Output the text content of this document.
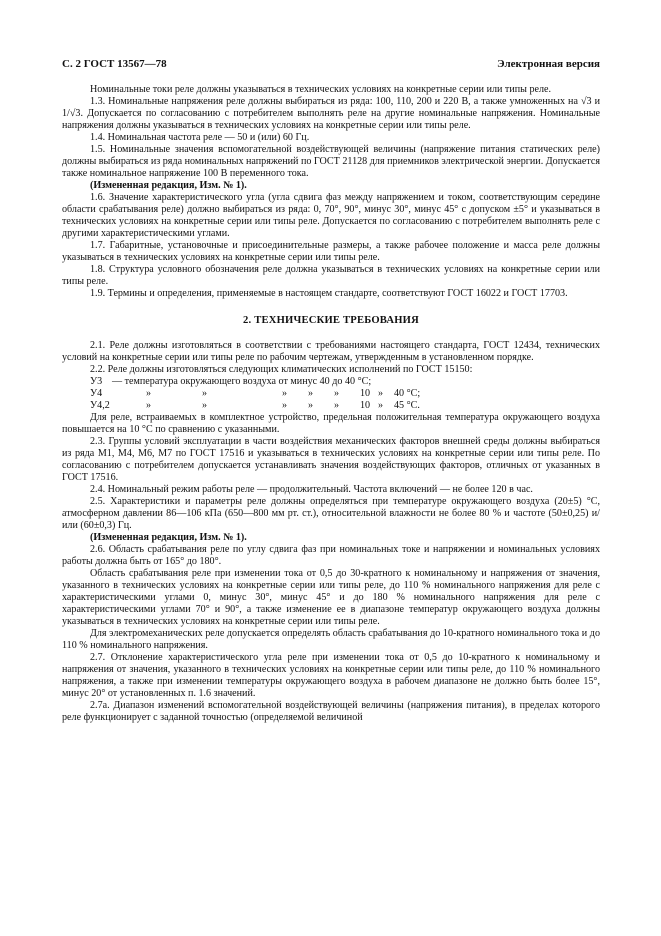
С. 2 ГОСТ 13567—78	Электронная версия

Номинальные токи реле должны указываться в технических условиях на конкретные серии или типы реле.

1.3. Номинальные напряжения реле должны выбираться из ряда: 100, 110, 200 и 220 В, а также умноженных на √3 и 1/√3. Допускается по согласованию с потребителем выполнять реле на другие номинальные напряжения. Номинальные напряжения должны указываться в технических условиях на конкретные серии или типы реле.

1.4. Номинальная частота реле — 50 и (или) 60 Гц.

1.5. Номинальные значения вспомогательной воздействующей величины (напряжение питания статических реле) должны выбираться из ряда номинальных напряжений по ГОСТ 21128 для приемников электрической энергии. Допускается также номинальное напряжение 100 В переменного тока.

(Измененная редакция, Изм. № 1).

1.6. Значение характеристического угла (угла сдвига фаз между напряжением и током, соответствующим середине области срабатывания реле) должно выбираться из ряда: 0, 70°, 90°, минус 30°, минус 45° с допуском ±5° и указываться в технических условиях на конкретные серии или типы реле. Допускается по согласованию с потребителем выполнять реле с другими характеристическими углами.

1.7. Габаритные, установочные и присоединительные размеры, а также рабочее положение и масса реле должны указываться в технических условиях на конкретные серии или типы реле.

1.8. Структура условного обозначения реле должна указываться в технических условиях на конкретные серии или типы реле.

1.9. Термины и определения, применяемые в настоящем стандарте, соответствуют ГОСТ 16022 и ГОСТ 17703.

2. ТЕХНИЧЕСКИЕ ТРЕБОВАНИЯ

2.1. Реле должны изготовляться в соответствии с требованиями настоящего стандарта, ГОСТ 12434, технических условий на конкретные серии или типы реле по рабочим чертежам, утвержденным в установленном порядке.

2.2. Реле должны изготовляться следующих климатических исполнений по ГОСТ 15150:

У3 — температура окружающего воздуха от минус 40 до 40 °С;
У4	»	»	»	»	»	10 »	40 °С;
У4,2	»	»	»	»	»	10 »	45 °С.

Для реле, встраиваемых в комплектное устройство, предельная положительная температура окружающего воздуха повышается на 10 °С по сравнению с указанными.

2.3. Группы условий эксплуатации в части воздействия механических факторов внешней среды должны выбираться из ряда М1, М4, М6, М7 по ГОСТ 17516 и указываться в технических условиях на конкретные серии или типы реле. По согласованию с потребителем допускается устанавливать значения воздействующих факторов, отличных от указанных в ГОСТ 17516.

2.4. Номинальный режим работы реле — продолжительный. Частота включений — не более 120 в час.

2.5. Характеристики и параметры реле должны определяться при температуре окружающего воздуха (20±5) °С, атмосферном давлении 86—106 кПа (650—800 мм рт. ст.), относительной влажности не более 80 % и частоте (50±0,25) и/или (60±0,3) Гц.

(Измененная редакция, Изм. № 1).

2.6. Область срабатывания реле по углу сдвига фаз при номинальных токе и напряжении и номинальных условиях работы должна быть от 165° до 180°.

Область срабатывания реле при изменении тока от 0,5 до 30-кратного к номинальному и напряжения от значения, указанного в технических условиях на конкретные серии или типы реле, до 110 % номинального напряжения для реле с характеристическими углами 0, минус 30°, минус 45° и до 180 % номинального напряжения для реле с характеристическими углами 70° и 90°, а также изменение ее в диапазоне температур окружающего воздуха должны указываться в технических условиях на конкретные серии или типы реле.

Для электромеханических реле допускается определять область срабатывания до 10-кратного номинального тока и до 110 % номинального напряжения.

2.7. Отклонение характеристического угла реле при изменении тока от 0,5 до 10-кратного к номинальному и напряжения от значения, указанного в технических условиях на конкретные серии или типы реле, до 110 % номинального напряжения, а также при изменении температуры окружающего воздуха в рабочем диапазоне не должно быть более 15°, минус 20° от установленных п. 1.6 значений.

2.7а. Диапазон изменений вспомогательной воздействующей величины (напряжения питания), в пределах которого реле функционирует с заданной точностью (определяемой величиной
